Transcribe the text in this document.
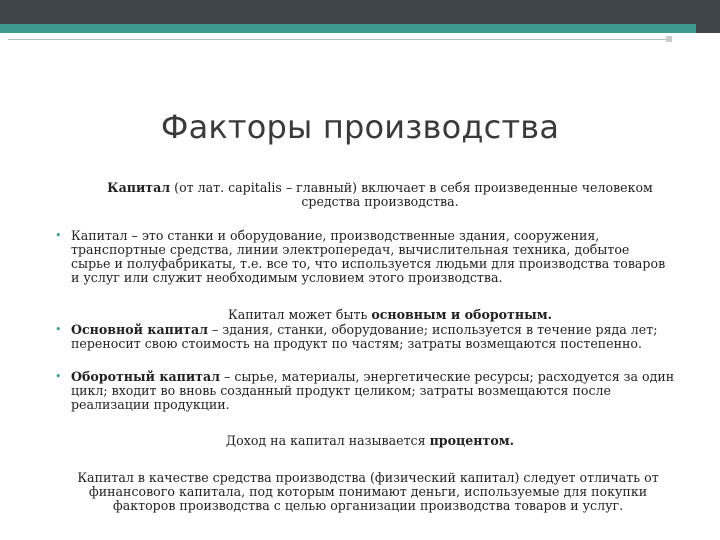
Факторы производства
Капитал (от лат. capitalis – главный) включает в себя произведенные человеком средства производства.
• Капитал – это станки и оборудование, производственные здания, сооружения, транспортные средства, линии электропередач, вычислительная техника, добытое сырье и полуфабрикаты, т.е. все то, что используется людьми для производства товаров и услуг или служит необходимым условием этого производства.
Капитал может быть основным и оборотным.
• Основной капитал – здания, станки, оборудование; используется в течение ряда лет; переносит свою стоимость на продукт по частям; затраты возмещаются постепенно.
• Оборотный капитал – сырье, материалы, энергетические ресурсы; расходуется за один цикл; входит во вновь созданный продукт целиком; затраты возмещаются после реализации продукции.
Доход на капитал называется процентом.
Капитал в качестве средства производства (физический капитал) следует отличать от финансового капитала, под которым понимают деньги, используемые для покупки факторов производства с целью организации производства товаров и услуг.
